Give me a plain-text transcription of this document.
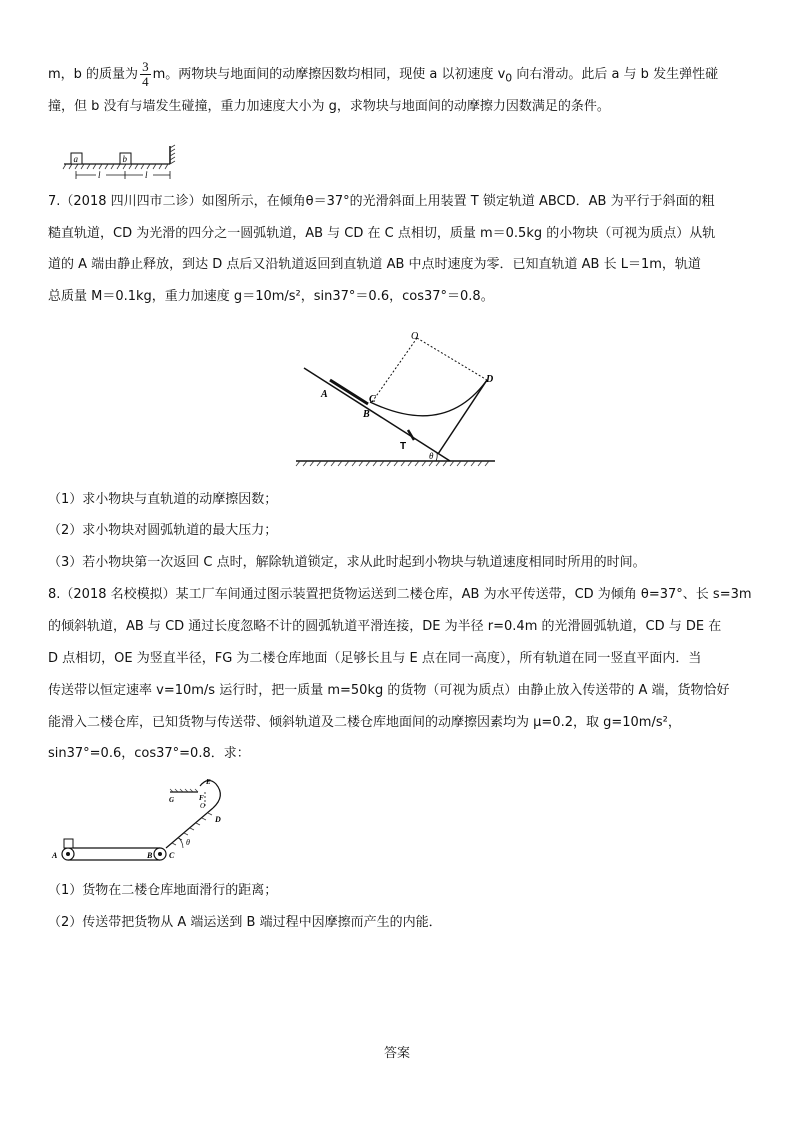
m，b 的质量为 $\frac{3}{4}$ m。两物块与地面间的动摩擦因数均相同，现使 a 以初速度 $v_0$ 向右滑动。此后 a 与 b 发生弹性碰
撞，但 b 没有与墙发生碰撞，重力加速度大小为 g，求物块与地面间的动摩擦力因数满足的条件。
a	b
l	l
7.（2018 四川四市二诊）如图所示，在倾角θ＝37°的光滑斜面上用装置 T 锁定轨道 ABCD．AB 为平行于斜面的粗
糙直轨道，CD 为光滑的四分之一圆弧轨道，AB 与 CD 在 C 点相切，质量 m＝0.5kg 的小物块（可视为质点）从轨
道的 A 端由静止释放，到达 D 点后又沿轨道返回到直轨道 AB 中点时速度为零．已知直轨道 AB 长 L＝1m，轨道
总质量 M＝0.1kg，重力加速度 g＝10m/s²，sin37°＝0.6，cos37°＝0.8。
O
D
A	C
B
T
θ
（1）求小物块与直轨道的动摩擦因数；
（2）求小物块对圆弧轨道的最大压力；
（3）若小物块第一次返回 C 点时，解除轨道锁定，求从此时起到小物块与轨道速度相同时所用的时间。
8.（2018 名校模拟）某工厂车间通过图示装置把货物运送到二楼仓库，AB 为水平传送带，CD 为倾角 θ=37°、长 s=3m
的倾斜轨道，AB 与 CD 通过长度忽略不计的圆弧轨道平滑连接，DE 为半径 r=0.4m 的光滑圆弧轨道，CD 与 DE 在
D 点相切，OE 为竖直半径，FG 为二楼仓库地面（足够长且与 E 点在同一高度），所有轨道在同一竖直平面内．当
传送带以恒定速率 v=10m/s 运行时，把一质量 m=50kg 的货物（可视为质点）由静止放入传送带的 A 端，货物恰好
能滑入二楼仓库，已知货物与传送带、倾斜轨道及二楼仓库地面间的动摩擦因素均为 μ=0.2，取 g=10m/s²，
sin37°=0.6，cos37°=0.8．求：
A	B C
D
E
F
G
O
θ
（1）货物在二楼仓库地面滑行的距离；
（2）传送带把货物从 A 端运送到 B 端过程中因摩擦而产生的内能．
答案
